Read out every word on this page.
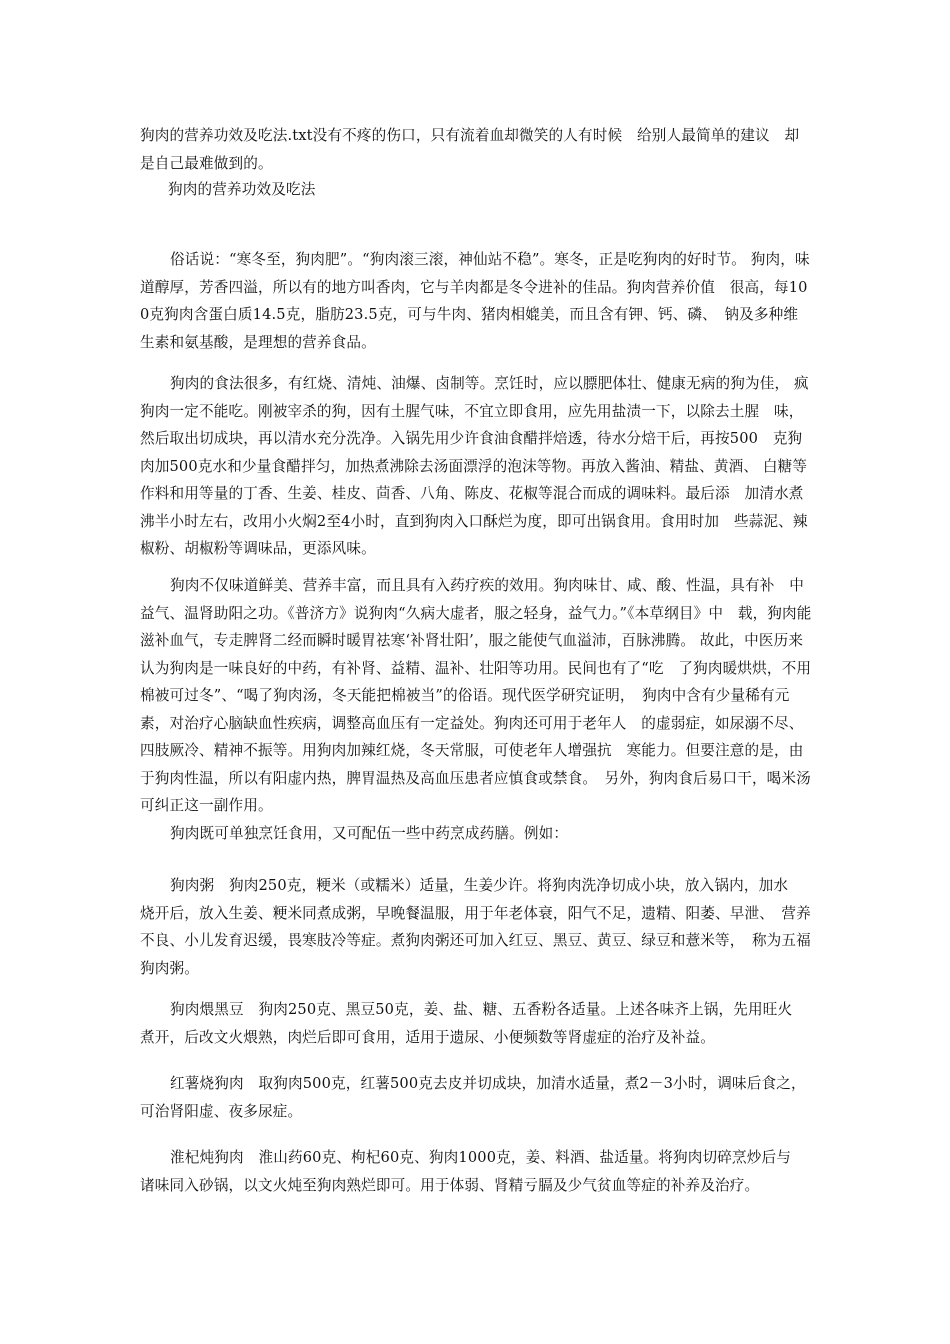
狗肉的营养功效及吃法.txt没有不疼的伤口，只有流着血却微笑的人有时候　给别人最简单的建议　却是自己最难做到的。

狗肉的营养功效及吃法

俗话说：“寒冬至，狗肉肥”。“狗肉滚三滚，神仙站不稳”。寒冬，正是吃狗肉的好时节。 狗肉，味道醇厚，芳香四溢，所以有的地方叫香肉，它与羊肉都是冬令进补的佳品。狗肉营养价值　很高，每100克狗肉含蛋白质14.5克，脂肪23.5克，可与牛肉、猪肉相媲美，而且含有钾、钙、磷、　钠及多种维生素和氨基酸，是理想的营养食品。

狗肉的食法很多，有红烧、清炖、油爆、卤制等。烹饪时，应以膘肥体壮、健康无病的狗为佳， 疯狗肉一定不能吃。刚被宰杀的狗，因有土腥气味，不宜立即食用，应先用盐渍一下，以除去土腥　味，然后取出切成块，再以清水充分洗净。入锅先用少许食油食醋拌焙透，待水分焙干后，再按500　克狗肉加500克水和少量食醋拌匀，加热煮沸除去汤面漂浮的泡沫等物。再放入酱油、精盐、黄酒、 白糖等作料和用等量的丁香、生姜、桂皮、茴香、八角、陈皮、花椒等混合而成的调味料。最后添　加清水煮沸半小时左右，改用小火焖2至4小时，直到狗肉入口酥烂为度，即可出锅食用。食用时加　些蒜泥、辣椒粉、胡椒粉等调味品，更添风味。

狗肉不仅味道鲜美、营养丰富，而且具有入药疗疾的效用。狗肉味甘、咸、酸、性温，具有补　中益气、温肾助阳之功。《普济方》说狗肉“久病大虚者，服之轻身，益气力。”《本草纲目》中　载，狗肉能滋补血气，专走脾肾二经而瞬时暖胃祛寒‘补肾壮阳’，服之能使气血溢沛，百脉沸腾。 故此，中医历来认为狗肉是一味良好的中药，有补肾、益精、温补、壮阳等功用。民间也有了“吃　了狗肉暖烘烘，不用棉被可过冬”、“喝了狗肉汤，冬天能把棉被当”的俗语。现代医学研究证明，　狗肉中含有少量稀有元素，对治疗心脑缺血性疾病，调整高血压有一定益处。狗肉还可用于老年人　的虚弱症，如尿溺不尽、四肢厥冷、精神不振等。用狗肉加辣红烧，冬天常服，可使老年人增强抗　寒能力。但要注意的是，由于狗肉性温，所以有阳虚内热，脾胃温热及高血压患者应慎食或禁食。　另外，狗肉食后易口干，喝米汤可纠正这一副作用。

狗肉既可单独烹饪食用，又可配伍一些中药烹成药膳。例如：

狗肉粥　狗肉250克，粳米（或糯米）适量，生姜少许。将狗肉洗净切成小块，放入锅内，加水　烧开后，放入生姜、粳米同煮成粥，早晚餐温服，用于年老体衰，阳气不足，遗精、阳萎、早泄、　营养不良、小儿发育迟缓，畏寒肢冷等症。煮狗肉粥还可加入红豆、黑豆、黄豆、绿豆和薏米等，　称为五福狗肉粥。

狗肉煨黑豆　狗肉250克、黑豆50克，姜、盐、糖、五香粉各适量。上述各味齐上锅，先用旺火　煮开，后改文火煨熟，肉烂后即可食用，适用于遗尿、小便频数等肾虚症的治疗及补益。

红薯烧狗肉　取狗肉500克，红薯500克去皮并切成块，加清水适量，煮2－3小时，调味后食之，　可治肾阳虚、夜多尿症。

淮杞炖狗肉　淮山药60克、枸杞60克、狗肉1000克，姜、料酒、盐适量。将狗肉切碎烹炒后与　诸味同入砂锅，以文火炖至狗肉熟烂即可。用于体弱、肾精亏膈及少气贫血等症的补养及治疗。
